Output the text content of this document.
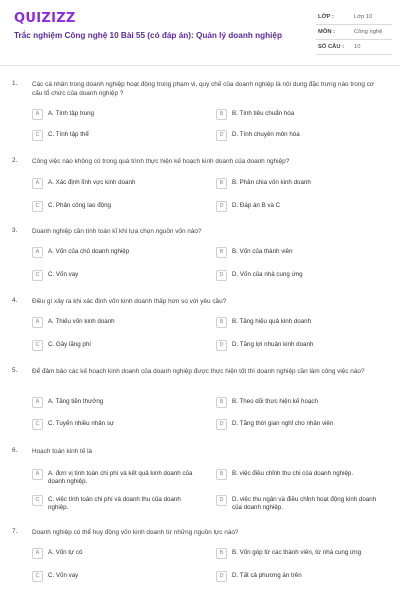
QUIZIZZ
Trắc nghiệm Công nghệ 10 Bài 55 (có đáp án): Quản lý doanh nghiệp
LỚP :	Lớp 10
MÔN :	Công nghệ
SỐ CÂU : 10
1. Các cá nhân trong doanh nghiệp hoạt động trong phạm vi, quy chế của doanh nghiệp là nội dung đặc trưng nào trong cơ cấu tổ chức của doanh nghiệp ?
A	A. Tính tập trung	B	B. Tính tiêu chuẩn hóa
C	C. Tính tập thể	D	D. Tính chuyên môn hóa
2. Công việc nào không có trong quá trình thực hiện kế hoạch kinh doanh của doanh nghiệp?
A	A. Xác định lĩnh vực kinh doanh	B	B. Phân chia vốn kinh doanh
C	C. Phân công lao động	D	D. Đáp án B và C
3. Doanh nghiệp cần tính toán kĩ khi lựa chọn nguồn vốn nào?
A	A. Vốn của chủ doanh nghiệp	B	B. Vốn của thành viên
C	C. Vốn vay	D	D. Vốn của nhà cung ứng
4. Điều gì xảy ra khi xác định vốn kinh doanh thấp hơn so với yêu cầu?
A	A. Thiếu vốn kinh doanh	B	B. Tăng hiệu quả kinh doanh
C	C. Gây lãng phí	D	D. Tăng lợi nhuận kinh doanh
5. Để đảm bảo các kế hoạch kinh doanh của doanh nghiệp được thực hiện tốt thì doanh nghiệp cần làm công việc nào?
A	A. Tăng tiền thưởng	B	B. Theo dõi thực hiện kế hoạch
C	C. Tuyển nhiều nhân sự	D	D. Tăng thời gian nghỉ cho nhân viên
6. Hoạch toán kinh tế là
A	A. đơn vị tính toán chi phí và kết quả kinh doanh của doanh nghiệp.
B	B. việc điều chỉnh thu chi của doanh nghiệp.
C	C. việc tính toán chi phí và doanh thu của doanh nghiệp.
D	D. việc thu ngân và điều chỉnh hoạt động kinh doanh của doanh nghiệp.
7. Doanh nghiệp có thể huy động vốn kinh doanh từ những nguồn lực nào?
A	A. Vốn tự có	B	B. Vốn góp từ các thành viên, từ nhà cung ứng
C	C. Vốn vay	D	D. Tất cả phương án trên
